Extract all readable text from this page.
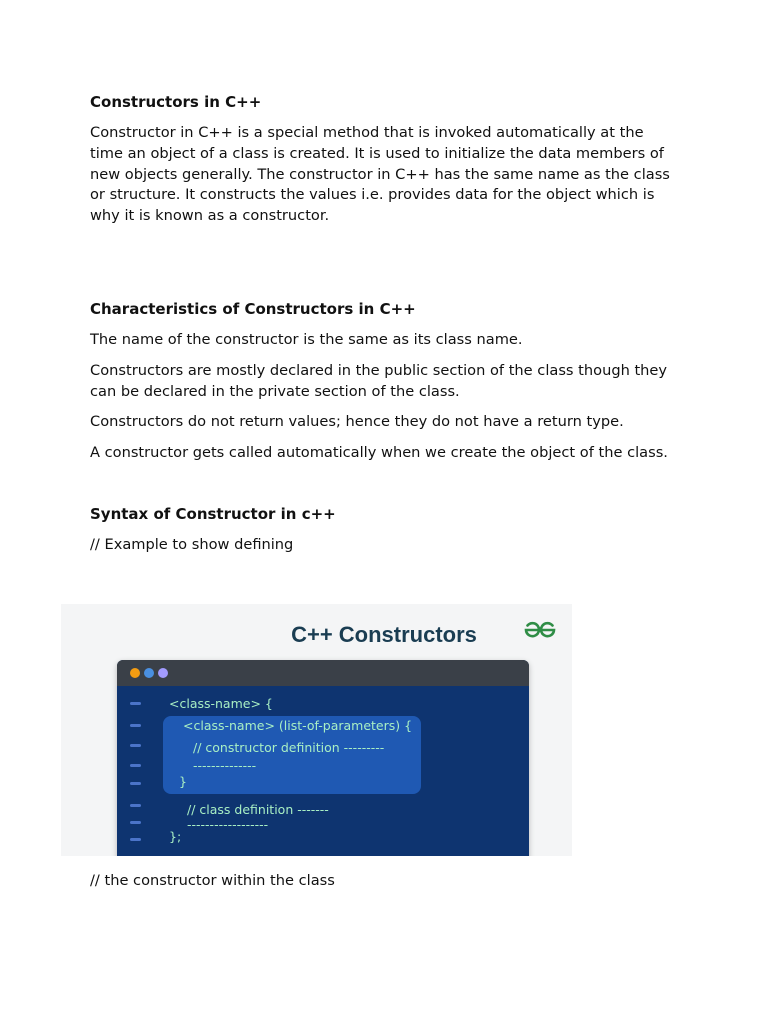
Constructors in C++
Constructor in C++ is a special method that is invoked automatically at the time an object of a class is created. It is used to initialize the data members of new objects generally. The constructor in C++ has the same name as the class or structure. It constructs the values i.e. provides data for the object which is why it is known as a constructor.
Characteristics of Constructors in C++
The name of the constructor is the same as its class name.
Constructors are mostly declared in the public section of the class though they can be declared in the private section of the class.
Constructors do not return values; hence they do not have a return type.
A constructor gets called automatically when we create the object of the class.
Syntax of Constructor in c++
// Example to show defining
C++ Constructors
<class-name> {
<class-name> (list-of-parameters) {
// constructor definition ---------
--------------
}
// class definition -------
------------------
};
// the constructor within the class
